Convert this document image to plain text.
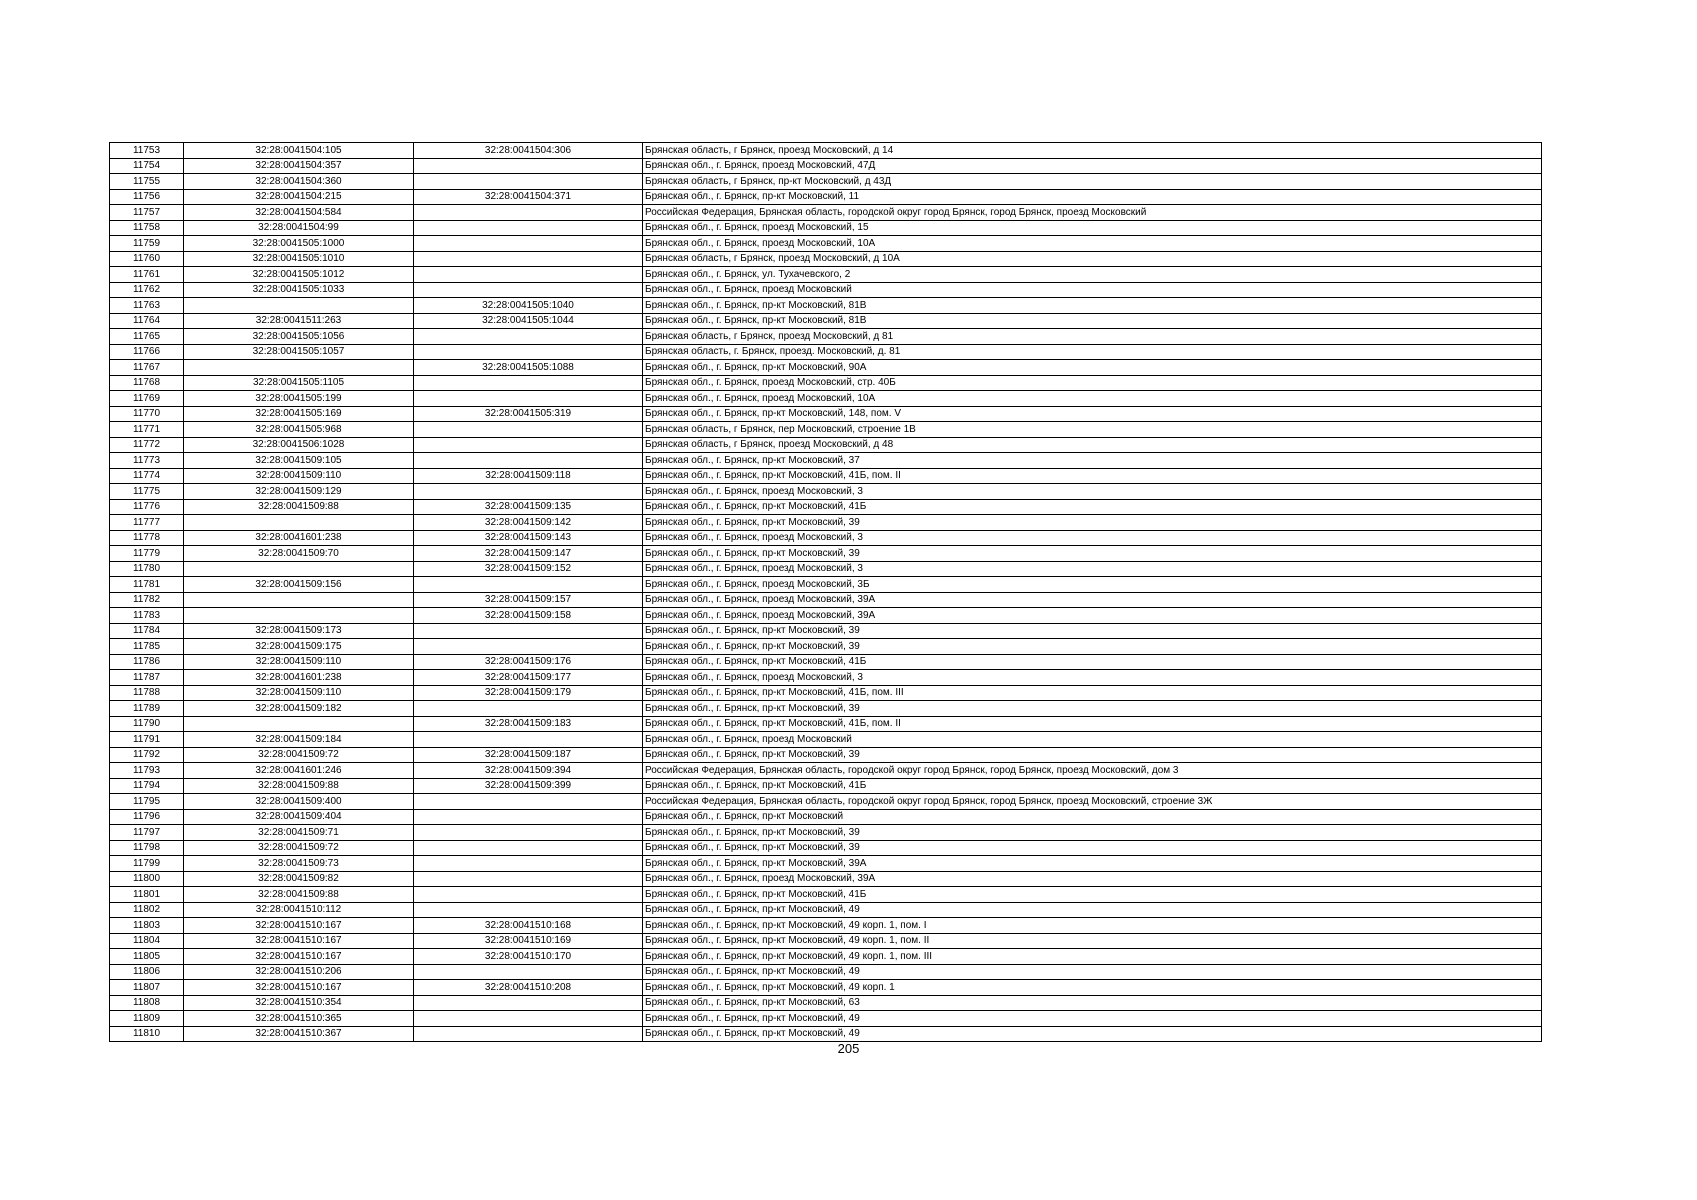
11753	32:28:0041504:105	32:28:0041504:306	Брянская область, г Брянск, проезд Московский, д 14
11754	32:28:0041504:357		Брянская обл., г. Брянск, проезд Московский, 47Д
11755	32:28:0041504:360		Брянская область, г Брянск, пр-кт Московский, д 43Д
11756	32:28:0041504:215	32:28:0041504:371	Брянская обл., г. Брянск, пр-кт Московский, 11
11757	32:28:0041504:584		Российская Федерация, Брянская область, городской округ город Брянск, город Брянск, проезд Московский
11758	32:28:0041504:99		Брянская обл., г. Брянск, проезд Московский, 15
11759	32:28:0041505:1000		Брянская обл., г. Брянск, проезд Московский, 10А
11760	32:28:0041505:1010		Брянская область, г Брянск, проезд Московский, д 10А
11761	32:28:0041505:1012		Брянская обл., г. Брянск, ул. Тухачевского, 2
11762	32:28:0041505:1033		Брянская обл., г. Брянск, проезд Московский
11763		32:28:0041505:1040	Брянская обл., г. Брянск, пр-кт Московский, 81В
11764	32:28:0041511:263	32:28:0041505:1044	Брянская обл., г. Брянск, пр-кт Московский, 81В
11765	32:28:0041505:1056		Брянская область, г Брянск, проезд Московский, д 81
11766	32:28:0041505:1057		Брянская область, г. Брянск, проезд. Московский, д. 81
11767		32:28:0041505:1088	Брянская обл., г. Брянск, пр-кт Московский, 90А
11768	32:28:0041505:1105		Брянская обл., г. Брянск, проезд Московский, стр. 40Б
11769	32:28:0041505:199		Брянская обл., г. Брянск, проезд Московский, 10А
11770	32:28:0041505:169	32:28:0041505:319	Брянская обл., г. Брянск, пр-кт Московский, 148, пом. V
11771	32:28:0041505:968		Брянская область, г Брянск, пер Московский, строение 1В
11772	32:28:0041506:1028		Брянская область, г Брянск, проезд Московский, д 48
11773	32:28:0041509:105		Брянская обл., г. Брянск, пр-кт Московский, 37
11774	32:28:0041509:110	32:28:0041509:118	Брянская обл., г. Брянск, пр-кт Московский, 41Б, пом. II
11775	32:28:0041509:129		Брянская обл., г. Брянск, проезд Московский, 3
11776	32:28:0041509:88	32:28:0041509:135	Брянская обл., г. Брянск, пр-кт Московский, 41Б
11777		32:28:0041509:142	Брянская обл., г. Брянск, пр-кт Московский, 39
11778	32:28:0041601:238	32:28:0041509:143	Брянская обл., г. Брянск, проезд Московский, 3
11779	32:28:0041509:70	32:28:0041509:147	Брянская обл., г. Брянск, пр-кт Московский, 39
11780		32:28:0041509:152	Брянская обл., г. Брянск, проезд Московский, 3
11781	32:28:0041509:156		Брянская обл., г. Брянск, проезд Московский, 3Б
11782		32:28:0041509:157	Брянская обл., г. Брянск, проезд Московский, 39А
11783		32:28:0041509:158	Брянская обл., г. Брянск, проезд Московский, 39А
11784	32:28:0041509:173		Брянская обл., г. Брянск, пр-кт Московский, 39
11785	32:28:0041509:175		Брянская обл., г. Брянск, пр-кт Московский, 39
11786	32:28:0041509:110	32:28:0041509:176	Брянская обл., г. Брянск, пр-кт Московский, 41Б
11787	32:28:0041601:238	32:28:0041509:177	Брянская обл., г. Брянск, проезд Московский, 3
11788	32:28:0041509:110	32:28:0041509:179	Брянская обл., г. Брянск, пр-кт Московский, 41Б, пом. III
11789	32:28:0041509:182		Брянская обл., г. Брянск, пр-кт Московский, 39
11790		32:28:0041509:183	Брянская обл., г. Брянск, пр-кт Московский, 41Б, пом. II
11791	32:28:0041509:184		Брянская обл., г. Брянск, проезд Московский
11792	32:28:0041509:72	32:28:0041509:187	Брянская обл., г. Брянск, пр-кт Московский, 39
11793	32:28:0041601:246	32:28:0041509:394	Российская Федерация, Брянская область, городской округ город Брянск, город Брянск, проезд Московский, дом 3
11794	32:28:0041509:88	32:28:0041509:399	Брянская обл., г. Брянск, пр-кт Московский, 41Б
11795	32:28:0041509:400		Российская Федерация, Брянская область, городской округ город Брянск, город Брянск, проезд Московский, строение 3Ж
11796	32:28:0041509:404		Брянская обл., г. Брянск, пр-кт Московский
11797	32:28:0041509:71		Брянская обл., г. Брянск, пр-кт Московский, 39
11798	32:28:0041509:72		Брянская обл., г. Брянск, пр-кт Московский, 39
11799	32:28:0041509:73		Брянская обл., г. Брянск, пр-кт Московский, 39А
11800	32:28:0041509:82		Брянская обл., г. Брянск, проезд Московский, 39А
11801	32:28:0041509:88		Брянская обл., г. Брянск, пр-кт Московский, 41Б
11802	32:28:0041510:112		Брянская обл., г. Брянск, пр-кт Московский, 49
11803	32:28:0041510:167	32:28:0041510:168	Брянская обл., г. Брянск, пр-кт Московский, 49 корп. 1, пом. I
11804	32:28:0041510:167	32:28:0041510:169	Брянская обл., г. Брянск, пр-кт Московский, 49 корп. 1, пом. II
11805	32:28:0041510:167	32:28:0041510:170	Брянская обл., г. Брянск, пр-кт Московский, 49 корп. 1, пом. III
11806	32:28:0041510:206		Брянская обл., г. Брянск, пр-кт Московский, 49
11807	32:28:0041510:167	32:28:0041510:208	Брянская обл., г. Брянск, пр-кт Московский, 49 корп. 1
11808	32:28:0041510:354		Брянская обл., г. Брянск, пр-кт Московский, 63
11809	32:28:0041510:365		Брянская обл., г. Брянск, пр-кт Московский, 49
11810	32:28:0041510:367		Брянская обл., г. Брянск, пр-кт Московский, 49
205
